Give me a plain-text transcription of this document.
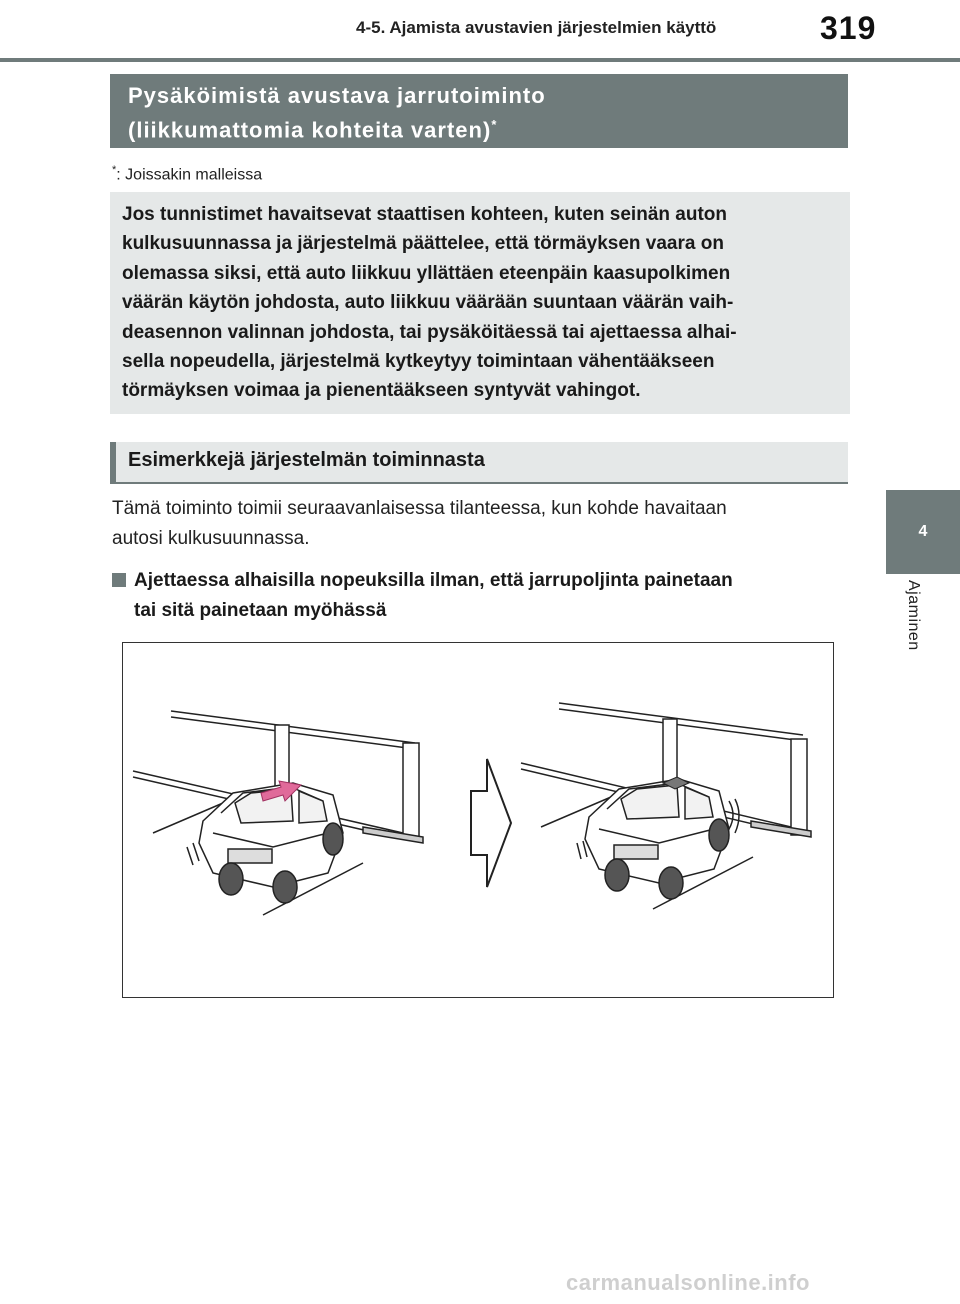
4-5. Ajamista avustavien järjestelmien käyttö	319
4
Ajaminen
Pysäköimistä avustava jarrutoiminto
(liikkumattomia kohteita varten)*
*: Joissakin malleissa
Jos tunnistimet havaitsevat staattisen kohteen, kuten seinän auton
kulkusuunnassa ja järjestelmä päättelee, että törmäyksen vaara on
olemassa siksi, että auto liikkuu yllättäen eteenpäin kaasupolkimen
väärän käytön johdosta, auto liikkuu väärään suuntaan väärän vaih-
deasennon valinnan johdosta, tai pysäköitäessä tai ajettaessa alhai-
sella nopeudella, järjestelmä kytkeytyy toimintaan vähentääkseen
törmäyksen voimaa ja pienentääkseen syntyvät vahingot.
Esimerkkejä järjestelmän toiminnasta
Tämä toiminto toimii seuraavanlaisessa tilanteessa, kun kohde havaitaan
autosi kulkusuunnassa.
Ajettaessa alhaisilla nopeuksilla ilman, että jarrupoljinta painetaan
tai sitä painetaan myöhässä
carmanualsonline.info
